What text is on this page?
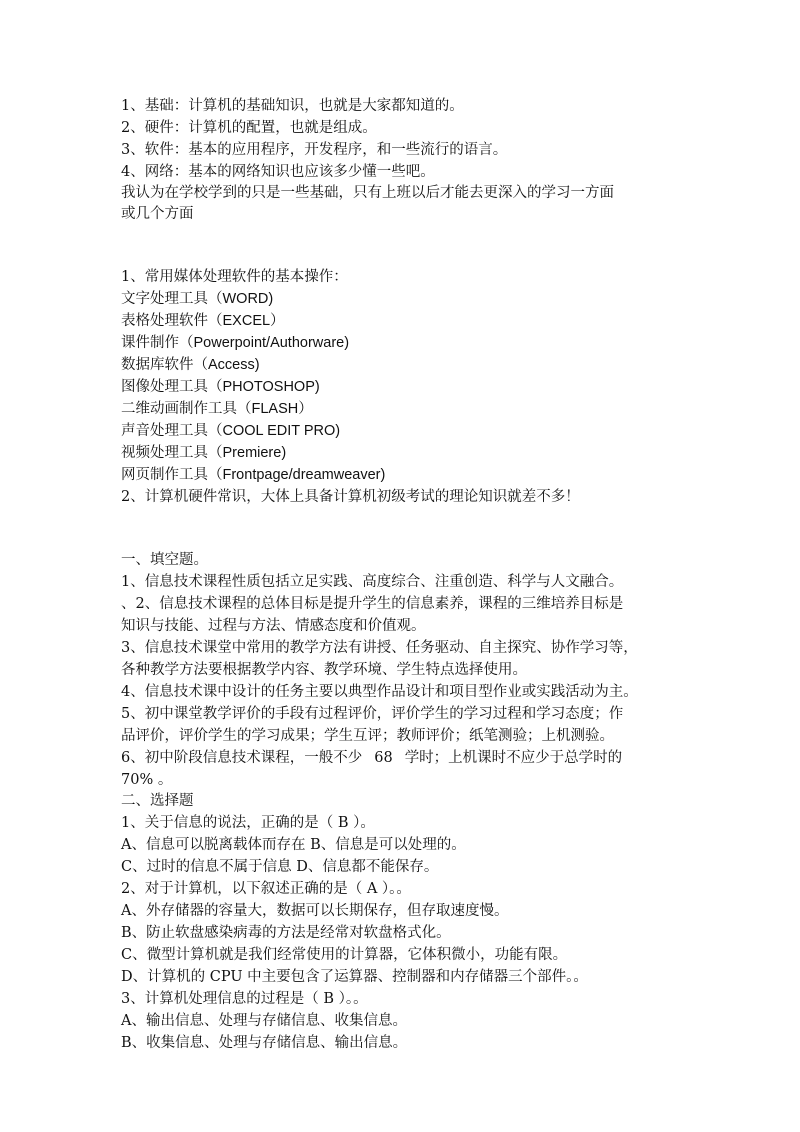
1、基础：计算机的基础知识，也就是大家都知道的。
2、硬件：计算机的配置，也就是组成。
3、软件：基本的应用程序，开发程序，和一些流行的语言。
4、网络：基本的网络知识也应该多少懂一些吧。
我认为在学校学到的只是一些基础，只有上班以后才能去更深入的学习一方面
或几个方面
1、常用媒体处理软件的基本操作：
文字处理工具（WORD)
表格处理软件（EXCEL）
课件制作（Powerpoint/Authorware)
数据库软件（Access)
图像处理工具（PHOTOSHOP)
二维动画制作工具（FLASH）
声音处理工具（COOL EDIT PRO)
视频处理工具（Premiere)
网页制作工具（Frontpage/dreamweaver)
2、计算机硬件常识，大体上具备计算机初级考试的理论知识就差不多！
一、填空题。
1、信息技术课程性质包括立足实践、高度综合、注重创造、科学与人文融合。
、2、信息技术课程的总体目标是提升学生的信息素养，课程的三维培养目标是
知识与技能、过程与方法、情感态度和价值观。
3、信息技术课堂中常用的教学方法有讲授、任务驱动、自主探究、协作学习等，
各种教学方法要根据教学内容、教学环境、学生特点选择使用。
4、信息技术课中设计的任务主要以典型作品设计和项目型作业或实践活动为主。
5、初中课堂教学评价的手段有过程评价，评价学生的学习过程和学习态度；作
品评价，评价学生的学习成果；学生互评；教师评价；纸笔测验；上机测验。
6、初中阶段信息技术课程，一般不少 68 学时；上机课时不应少于总学时的
70% 。
二、选择题
1、关于信息的说法，正确的是（ B ）。
A、信息可以脱离载体而存在 B、信息是可以处理的。
C、过时的信息不属于信息 D、信息都不能保存。
2、对于计算机，以下叙述正确的是（ A ）。。
A、外存储器的容量大，数据可以长期保存，但存取速度慢。
B、防止软盘感染病毒的方法是经常对软盘格式化。
C、微型计算机就是我们经常使用的计算器，它体积微小，功能有限。
D、计算机的 CPU 中主要包含了运算器、控制器和内存储器三个部件。。
3、计算机处理信息的过程是（ B ）。。
A、输出信息、处理与存储信息、收集信息。
B、收集信息、处理与存储信息、输出信息。
